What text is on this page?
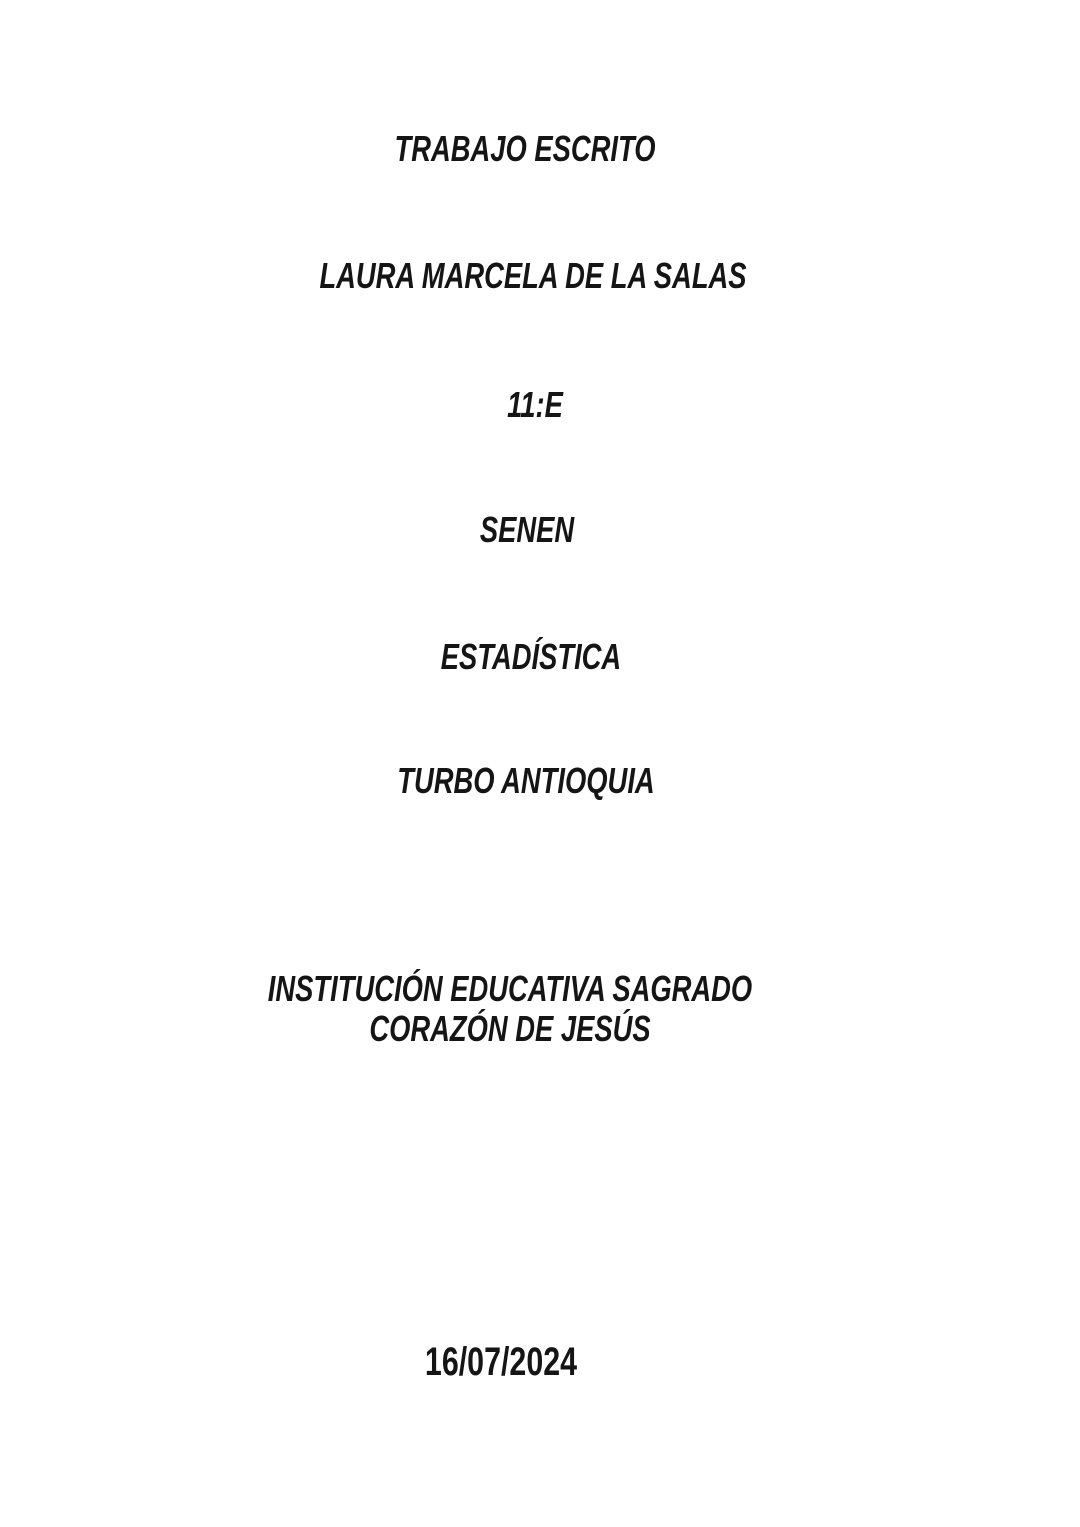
TRABAJO ESCRITO
LAURA MARCELA DE LA SALAS
11:E
SENEN
ESTADÍSTICA
TURBO ANTIOQUIA
INSTITUCIÓN EDUCATIVA SAGRADO CORAZÓN DE JESÚS
16/07/2024
